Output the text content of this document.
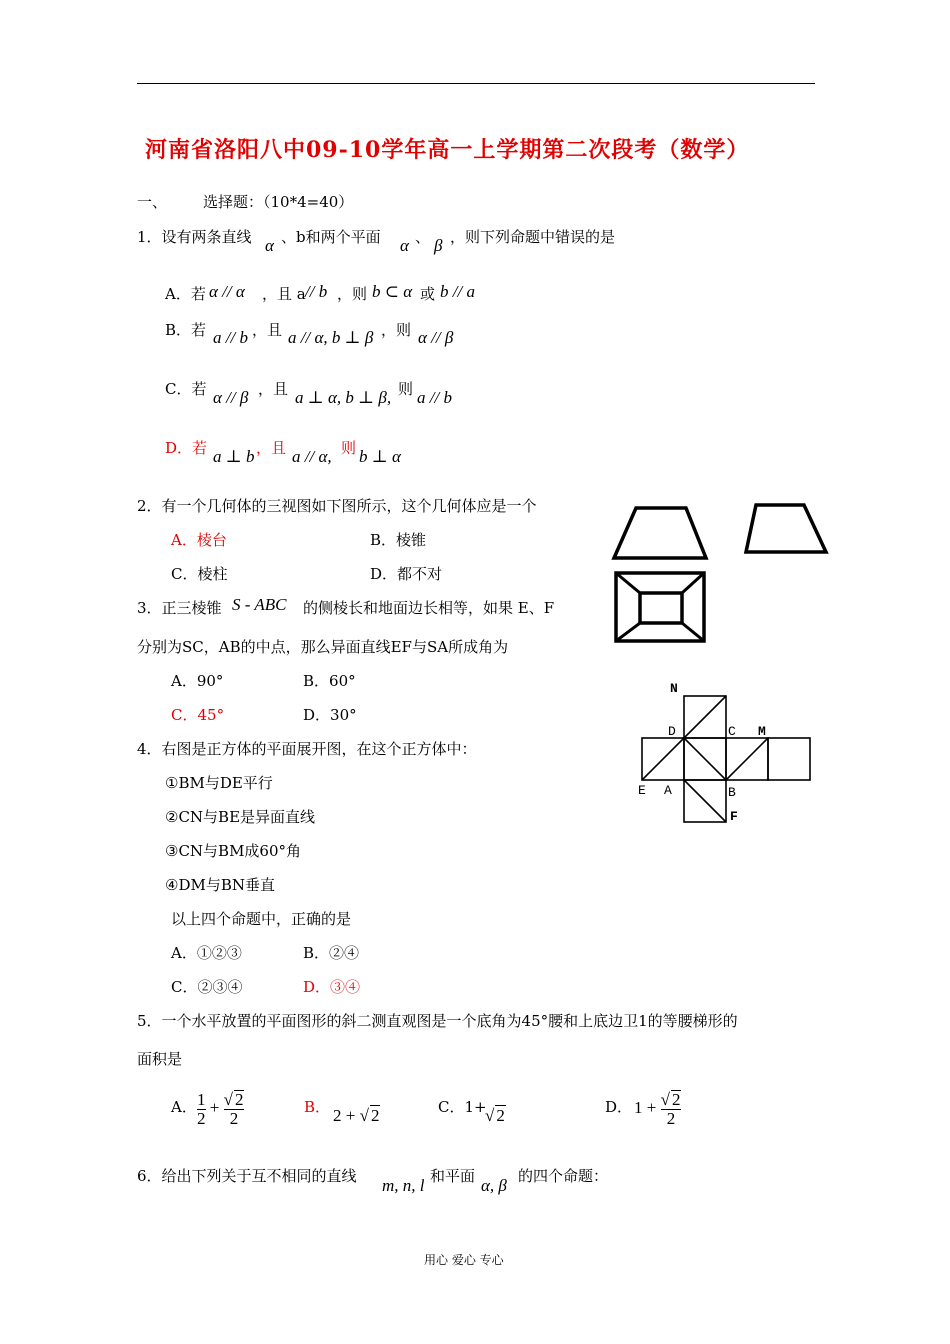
河南省洛阳八中09-10学年高一上学期第二次段考（数学）
一、 选择题：（10*4=40）
1．设有两条直线 α 、b和两个平面 α 、 β ，则下列命题中错误的是
A．若 α // α ，且 a // b ，则 b ⊂ α 或 b // a
B．若 a // b ，且 a // α, b ⊥ β ，则 α // β
C．若 α // β ，且 a ⊥ α, b ⊥ β, 则 a // b
D．若 a ⊥ b ，且 a // α, 则 b ⊥ α
2．有一个几何体的三视图如下图所示，这个几何体应是一个
A．棱台	B．棱锥
C．棱柱	D．都不对
3．正三棱锥 S - ABC 的侧棱长和地面边长相等，如果 E、F
分别为SC，AB的中点，那么异面直线EF与SA所成角为
A．90°	B．60°
C．45°	D．30°
N
D	C M
E A	B
F
4．右图是正方体的平面展开图，在这个正方体中：
①BM与DE平行
②CN与BE是异面直线
③CN与BM成60°角
④DM与BN垂直
以上四个命题中，正确的是
A．①②③	B．②④
C．②③④	D．③④
5．一个水平放置的平面图形的斜二测直观图是一个底角为45°腰和上底边卫1的等腰梯形的
面积是
A． $\frac{1}{2} + \frac{√ 2}{2}$	B． 2 + √ 2	C．1+
√ 2	D． $1 + \frac{√ 2}{2}$
6．给出下列关于互不相同的直线 m, n, l 和平面 α, β 的四个命题：
用心 爱心 专心
